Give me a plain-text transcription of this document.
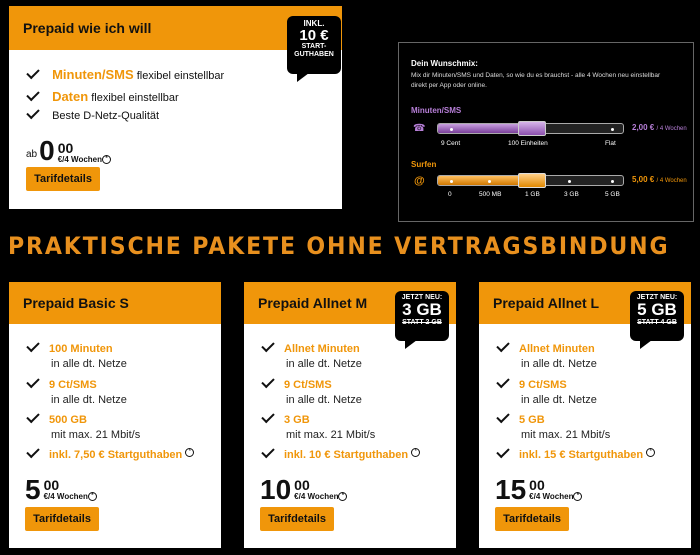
Prepaid wie ich will	INKL.
10 €
START-
GUTHABEN
Minuten/SMS flexibel einstellbar
Daten flexibel einstellbar
Beste D-Netz-Qualität
ab 0 00
€/4 Wochen *
Tarifdetails
Dein Wunschmix:
Mix dir Minuten/SMS und Daten, so wie du es brauchst - alle 4 Wochen neu einstellbar
direkt per App oder online.
Minuten/SMS
☎	2,00 € / 4 Wochen
9 Cent	100 Einheiten	Flat
Surfen
@	5,00 € / 4 Wochen
0	500 MB	1 GB	3 GB	5 GB
PRAKTISCHE PAKETE OHNE VERTRAGSBINDUNG
Prepaid Basic S
100 Minuten
in alle dt. Netze
9 Ct/SMS
in alle dt. Netze
500 GB
mit max. 21 Mbit/s
inkl. 7,50 € Startguthaben *
5 00
€/4 Wochen *
Tarifdetails
Prepaid Allnet M	JETZT NEU:
3 GB
STATT 2 GB
Allnet Minuten
in alle dt. Netze
9 Ct/SMS
in alle dt. Netze
3 GB
mit max. 21 Mbit/s
inkl. 10 € Startguthaben *
10 00
€/4 Wochen *
Tarifdetails
Prepaid Allnet L	JETZT NEU:
5 GB
STATT 4 GB
Allnet Minuten
in alle dt. Netze
9 Ct/SMS
in alle dt. Netze
5 GB
mit max. 21 Mbit/s
inkl. 15 € Startguthaben *
15 00
€/4 Wochen *
Tarifdetails
